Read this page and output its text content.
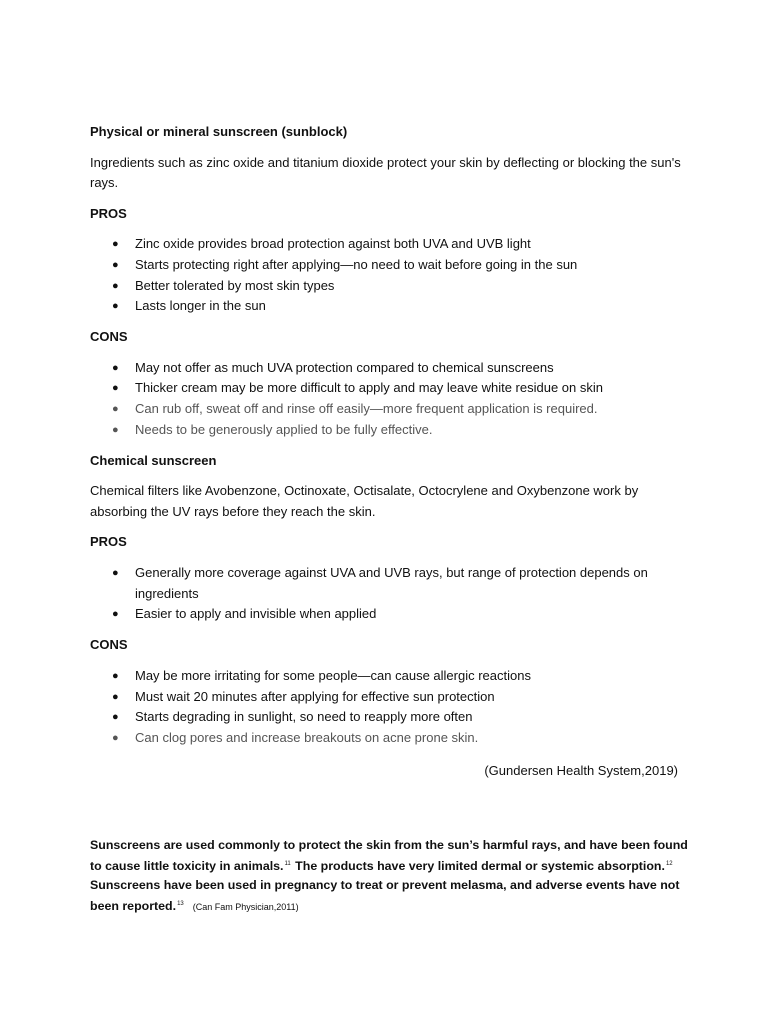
Physical or mineral sunscreen (sunblock)

Ingredients such as zinc oxide and titanium dioxide protect your skin by deflecting or blocking the sun's rays.

PROS

● Zinc oxide provides broad protection against both UVA and UVB light
● Starts protecting right after applying—no need to wait before going in the sun
● Better tolerated by most skin types
● Lasts longer in the sun

CONS

● May not offer as much UVA protection compared to chemical sunscreens
● Thicker cream may be more difficult to apply and may leave white residue on skin
● Can rub off, sweat off and rinse off easily—more frequent application is required.
● Needs to be generously applied to be fully effective.

Chemical sunscreen

Chemical filters like Avobenzone, Octinoxate, Octisalate, Octocrylene and Oxybenzone work by absorbing the UV rays before they reach the skin.

PROS

● Generally more coverage against UVA and UVB rays, but range of protection depends on ingredients
● Easier to apply and invisible when applied

CONS

● May be more irritating for some people—can cause allergic reactions
● Must wait 20 minutes after applying for effective sun protection
● Starts degrading in sunlight, so need to reapply more often
● Can clog pores and increase breakouts on acne prone skin.

(Gundersen Health System,2019)

Sunscreens are used commonly to protect the skin from the sun’s harmful rays, and have been found to cause little toxicity in animals.$^{11}$ The products have very limited dermal or systemic absorption.$^{12}$ Sunscreens have been used in pregnancy to treat or prevent melasma, and adverse events have not been reported.$^{13}$ (Can Fam Physician,2011)
